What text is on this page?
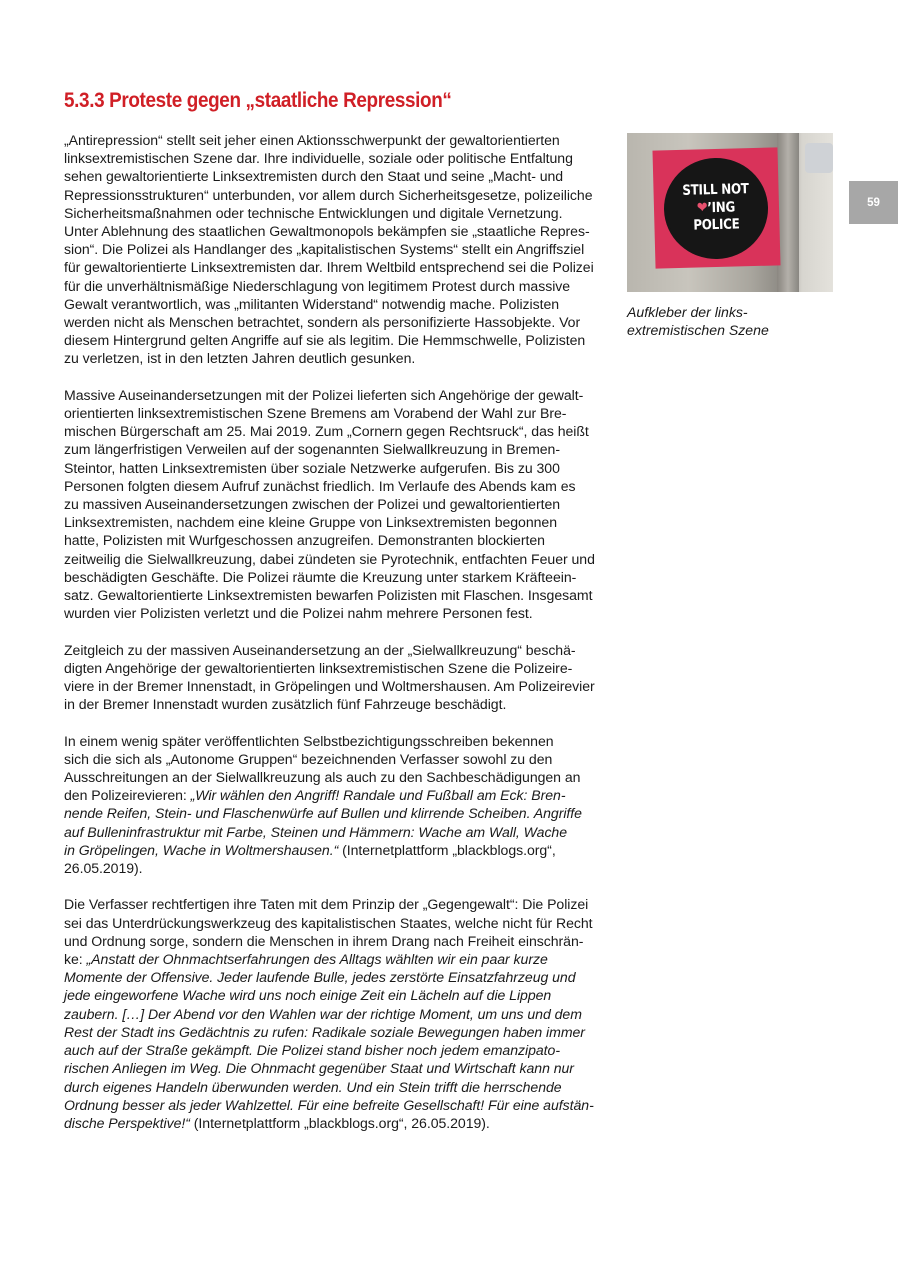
5.3.3 Proteste gegen „staatliche Repression“

„Antirepression“ stellt seit jeher einen Aktionsschwerpunkt der gewaltorientierten
linksextremistischen Szene dar. Ihre individuelle, soziale oder politische Entfaltung
sehen gewaltorientierte Linksextremisten durch den Staat und seine „Macht- und
Repressionsstrukturen“ unterbunden, vor allem durch Sicherheitsgesetze, polizeiliche
Sicherheitsmaßnahmen oder technische Entwicklungen und digitale Vernetzung.
Unter Ablehnung des staatlichen Gewaltmonopols bekämpfen sie „staatliche Repres-
sion“. Die Polizei als Handlanger des „kapitalistischen Systems“ stellt ein Angriffsziel
für gewaltorientierte Linksextremisten dar. Ihrem Weltbild entsprechend sei die Polizei
für die unverhältnismäßige Niederschlagung von legitimem Protest durch massive
Gewalt verantwortlich, was „militanten Widerstand“ notwendig mache. Polizisten
werden nicht als Menschen betrachtet, sondern als personifizierte Hassobjekte. Vor
diesem Hintergrund gelten Angriffe auf sie als legitim. Die Hemmschwelle, Polizisten
zu verletzen, ist in den letzten Jahren deutlich gesunken.

Massive Auseinandersetzungen mit der Polizei lieferten sich Angehörige der gewalt-
orientierten linksextremistischen Szene Bremens am Vorabend der Wahl zur Bre-
mischen Bürgerschaft am 25. Mai 2019. Zum „Cornern gegen Rechtsruck“, das heißt
zum längerfristigen Verweilen auf der sogenannten Sielwallkreuzung in Bremen-
Steintor, hatten Linksextremisten über soziale Netzwerke aufgerufen. Bis zu 300
Personen folgten diesem Aufruf zunächst friedlich. Im Verlaufe des Abends kam es
zu massiven Auseinandersetzungen zwischen der Polizei und gewaltorientierten
Linksextremisten, nachdem eine kleine Gruppe von Linksextremisten begonnen
hatte, Polizisten mit Wurfgeschossen anzugreifen. Demonstranten blockierten
zeitweilig die Sielwallkreuzung, dabei zündeten sie Pyrotechnik, entfachten Feuer und
beschädigten Geschäfte. Die Polizei räumte die Kreuzung unter starkem Kräfteein-
satz. Gewaltorientierte Linksextremisten bewarfen Polizisten mit Flaschen. Insgesamt
wurden vier Polizisten verletzt und die Polizei nahm mehrere Personen fest.

Zeitgleich zu der massiven Auseinandersetzung an der „Sielwallkreuzung“ beschä-
digten Angehörige der gewaltorientierten linksextremistischen Szene die Polizeire-
viere in der Bremer Innenstadt, in Gröpelingen und Woltmershausen. Am Polizeirevier
in der Bremer Innenstadt wurden zusätzlich fünf Fahrzeuge beschädigt.

In einem wenig später veröffentlichten Selbstbezichtigungsschreiben bekennen
sich die sich als „Autonome Gruppen“ bezeichnenden Verfasser sowohl zu den
Ausschreitungen an der Sielwallkreuzung als auch zu den Sachbeschädigungen an
den Polizeirevieren: „Wir wählen den Angriff! Randale und Fußball am Eck: Bren-
nende Reifen, Stein- und Flaschenwürfe auf Bullen und klirrende Scheiben. Angriffe
auf Bulleninfrastruktur mit Farbe, Steinen und Hämmern: Wache am Wall, Wache
in Gröpelingen, Wache in Woltmershausen.“ (Internetplattform „blackblogs.org“,
26.05.2019).

Die Verfasser rechtfertigen ihre Taten mit dem Prinzip der „Gegengewalt“: Die Polizei
sei das Unterdrückungswerkzeug des kapitalistischen Staates, welche nicht für Recht
und Ordnung sorge, sondern die Menschen in ihrem Drang nach Freiheit einschrän-
ke: „Anstatt der Ohnmachtserfahrungen des Alltags wählten wir ein paar kurze
Momente der Offensive. Jeder laufende Bulle, jedes zerstörte Einsatzfahrzeug und
jede eingeworfene Wache wird uns noch einige Zeit ein Lächeln auf die Lippen
zaubern. […] Der Abend vor den Wahlen war der richtige Moment, um uns und dem
Rest der Stadt ins Gedächtnis zu rufen: Radikale soziale Bewegungen haben immer
auch auf der Straße gekämpft. Die Polizei stand bisher noch jedem emanzipato-
rischen Anliegen im Weg. Die Ohnmacht gegenüber Staat und Wirtschaft kann nur
durch eigenes Handeln überwunden werden. Und ein Stein trifft die herrschende
Ordnung besser als jeder Wahlzettel. Für eine befreite Gesellschaft! Für eine aufstän-
dische Perspektive!“ (Internetplattform „blackblogs.org“, 26.05.2019).

STILL NOT
❤’ING
POLICE

Aufkleber der links-
extremistischen Szene

59
